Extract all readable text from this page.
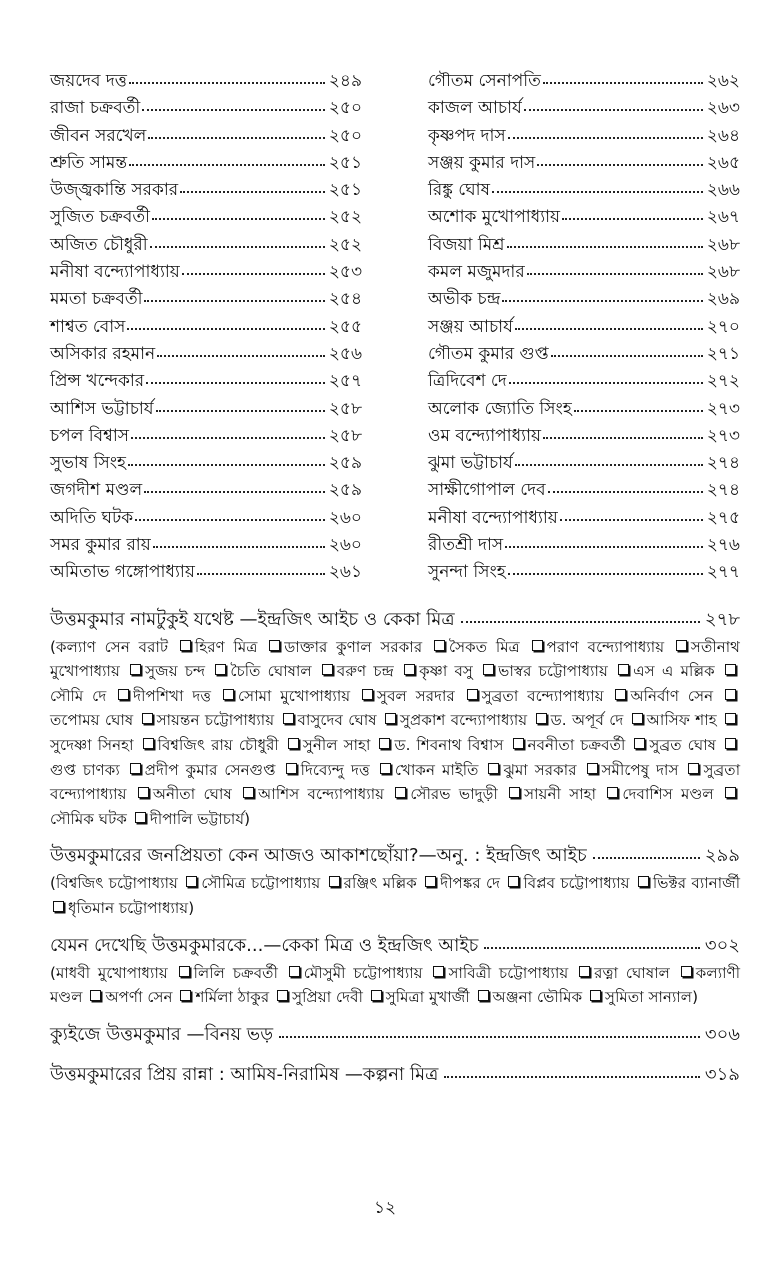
জয়দেব দত্ত	২৪৯
রাজা চক্রবর্তী	২৫০
জীবন সরখেল	২৫০
শ্রুতি সামন্ত	২৫১
উজ্জ্বকান্তি সরকার	২৫১
সুজিত চক্রবর্তী	২৫২
অজিত চৌধুরী	২৫২
মনীষা বন্দ্যোপাধ্যায়	২৫৩
মমতা চক্রবর্তী	২৫৪
শাশ্বত বোস	২৫৫
অসিকার রহমান	২৫৬
প্রিন্স খন্দেকার	২৫৭
আশিস ভট্টাচার্য	২৫৮
চপল বিশ্বাস	২৫৮
সুভাষ সিংহ	২৫৯
জগদীশ মণ্ডল	২৫৯
অদিতি ঘটক	২৬০
সমর কুমার রায়	২৬০
অমিতাভ গঙ্গোপাধ্যায়	২৬১
গৌতম সেনাপতি	২৬২
কাজল আচার্য	২৬৩
কৃষ্ণপদ দাস	২৬৪
সঞ্জয় কুমার দাস	২৬৫
রিঙ্কু ঘোষ	২৬৬
অশোক মুখোপাধ্যায়	২৬৭
বিজয়া মিশ্র	২৬৮
কমল মজুমদার	২৬৮
অভীক চন্দ্র	২৬৯
সঞ্জয় আচার্য	২৭০
গৌতম কুমার গুপ্ত	২৭১
ত্রিদিবেশ দে	২৭২
অলোক জ্যোতি সিংহ	২৭৩
ওম বন্দ্যোপাধ্যায়	২৭৩
ঝুমা ভট্টাচার্য	২৭৪
সাক্ষীগোপাল দেব	২৭৪
মনীষা বন্দ্যোপাধ্যায়	২৭৫
রীতশ্রী দাস	২৭৬
সুনন্দা সিংহ	২৭৭
উত্তমকুমার নামটুকুই যথেষ্ট —ইন্দ্রজিৎ আইচ ও কেকা মিত্র	২৭৮
(কল্যাণ সেন বরাট হিরণ মিত্র ডাক্তার কুণাল সরকার সৈকত মিত্র পরাণ বন্দ্যোপাধ্যায় সতীনাথ মুখোপাধ্যায় সুজয় চন্দ চৈতি ঘোষাল বরুণ চন্দ্র কৃষ্ণা বসু ভাস্বর চট্টোপাধ্যায় এস এ মল্লিক সৌমি দে দীপশিখা দত্ত সোমা মুখোপাধ্যায় সুবল সরদার সুব্রতা বন্দ্যোপাধ্যায় অনির্বাণ সেন তপোময় ঘোষ সায়ন্তন চট্টোপাধ্যায় বাসুদেব ঘোষ সুপ্রকাশ বন্দ্যোপাধ্যায় ড. অপূর্ব দে আসিফ শাহ সুদেষ্ণা সিনহা বিশ্বজিৎ রায় চৌধুরী সুনীল সাহা ড. শিবনাথ বিশ্বাস নবনীতা চক্রবর্তী সুব্রত ঘোষ গুপ্ত চাণক্য প্রদীপ কুমার সেনগুপ্ত দিব্যেন্দু দত্ত খোকন মাইতি ঝুমা সরকার সমীপেষু দাস সুব্রতা বন্দ্যোপাধ্যায় অনীতা ঘোষ আশিস বন্দ্যোপাধ্যায় সৌরভ ভাদুড়ী সায়নী সাহা দেবাশিস মণ্ডল সৌমিক ঘটক দীপালি ভট্টাচার্য)
উত্তমকুমারের জনপ্রিয়তা কেন আজও আকাশছোঁয়া?—অনু. : ইন্দ্রজিৎ আইচ	২৯৯
(বিশ্বজিৎ চট্টোপাধ্যায় সৌমিত্র চট্টোপাধ্যায় রঞ্জিৎ মল্লিক দীপঙ্কর দে বিপ্লব চট্টোপাধ্যায় ভিক্টর ব্যানার্জী ধৃতিমান চট্টোপাধ্যায়)
যেমন দেখেছি উত্তমকুমারকে...—কেকা মিত্র ও ইন্দ্রজিৎ আইচ	৩০২
(মাধবী মুখোপাধ্যায় লিলি চক্রবর্তী মৌসুমী চট্টোপাধ্যায় সাবিত্রী চট্টোপাধ্যায় রত্না ঘোষাল কল্যাণী মণ্ডল অপর্ণা সেন শর্মিলা ঠাকুর সুপ্রিয়া দেবী সুমিত্রা মুখার্জী অঞ্জনা ভৌমিক সুমিতা সান্যাল)
ক্যুইজে উত্তমকুমার —বিনয় ভড়	৩০৬
উত্তমকুমারের প্রিয় রান্না : আমিষ-নিরামিষ —কল্পনা মিত্র	৩১৯
১২
